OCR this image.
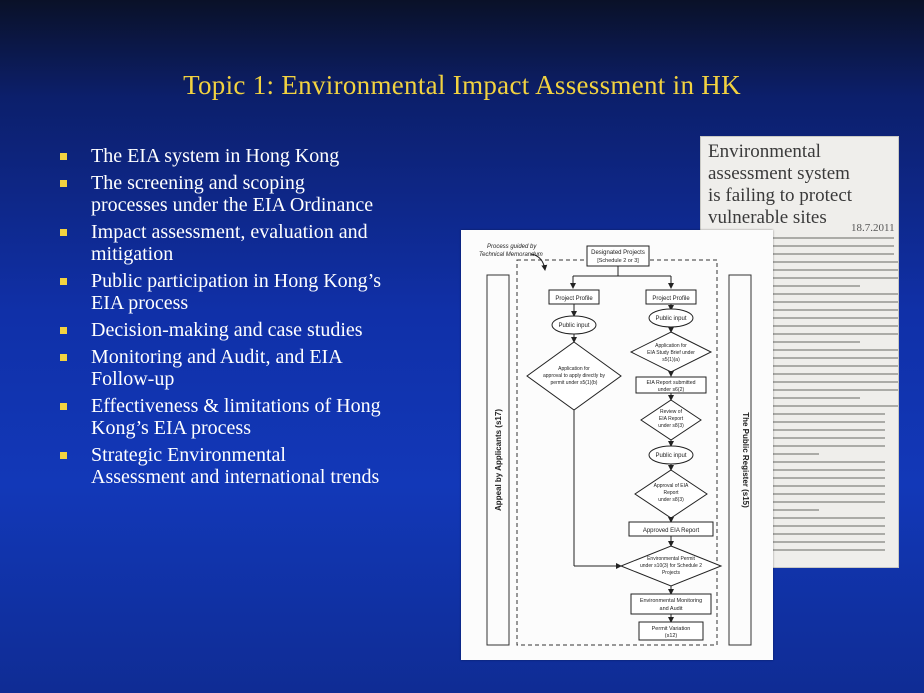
Topic 1: Environmental Impact Assessment in HK
The EIA system in Hong Kong
The screening and scoping
processes under the EIA Ordinance
Impact assessment, evaluation and
mitigation
Public participation in Hong Kong’s
EIA process
Decision-making and case studies
Monitoring and Audit, and EIA
Follow-up
Effectiveness & limitations of Hong
Kong’s EIA process
Strategic Environmental
Assessment and international trends
Environmental
assessment system
is failing to protect
vulnerable sites	18.7.2011
Appeal by Applicants (s17)	The Public Register (s15)
Process guided by
Technical Memorandum	Designated Projects
[Schedule 2 or 3]
Project Profile	Project Profile
Public input
Public input
Application for
approval to apply directly by
permit under s5(1)(b)
Application for
EIA Study Brief under
s5(1)(a)
EIA Report submitted
under s6(2)
Review of
EIA Report
under s8(3)
Public input
Approval of EIA
Report
under s8(3)
Approved EIA Report
Environmental Permit
under s10(3) for Schedule 2
Projects
Environmental Monitoring
and Audit
Permit Variation
(s12)
